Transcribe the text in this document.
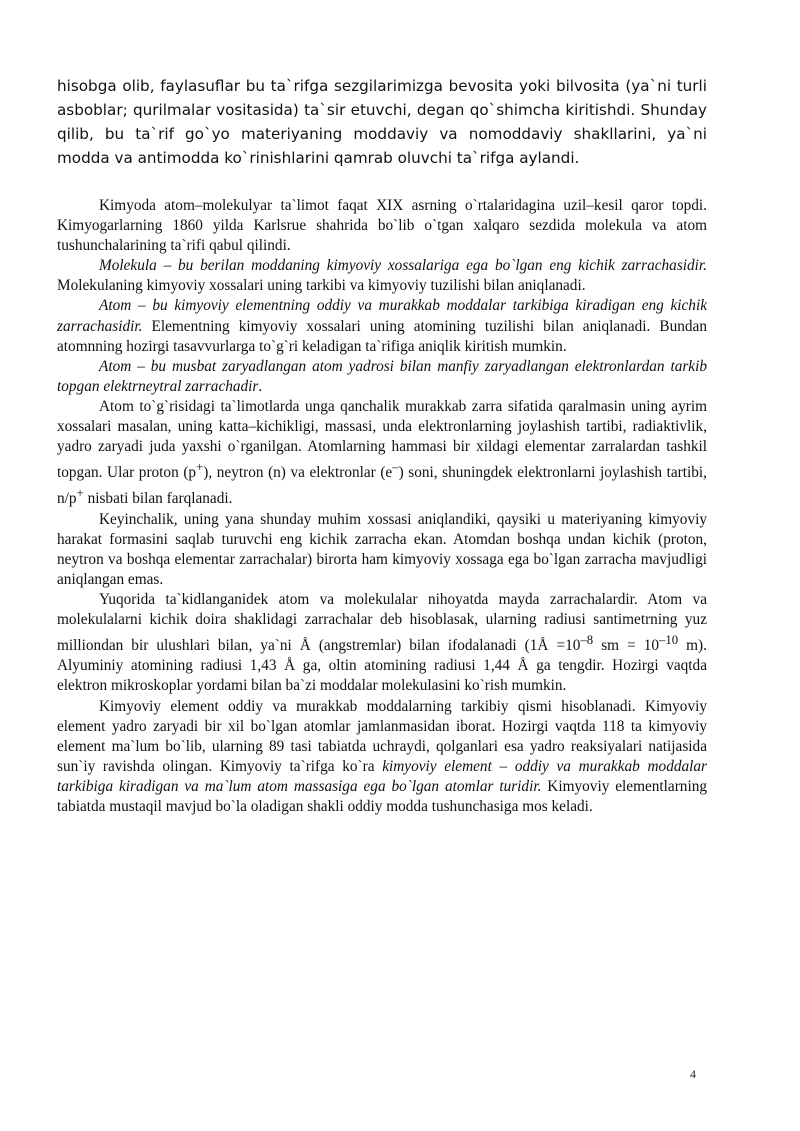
hisobga olib, faylasuflar bu ta`rifga sezgilarimizga bevosita yoki bilvosita (ya`ni turli asboblar; qurilmalar vositasida) ta`sir etuvchi, degan qo`shimcha kiritishdi. Shunday qilib, bu ta`rif go`yo materiyaning moddaviy va nomoddaviy shakllarini, ya`ni modda va antimodda ko`rinishlarini qamrab oluvchi ta`rifga aylandi.

Kimyoda atom–molekulyar ta`limot faqat XIX asrning o`rtalaridagina uzil–kesil qaror topdi. Kimyogarlarning 1860 yilda Karlsrue shahrida bo`lib o`tgan xalqaro sezdida molekula va atom tushunchalarining ta`rifi qabul qilindi.

Molekula – bu berilan moddaning kimyoviy xossalariga ega bo`lgan eng kichik zarrachasidir. Molekulaning kimyoviy xossalari uning tarkibi va kimyoviy tuzilishi bilan aniqlanadi.

Atom – bu kimyoviy elementning oddiy va murakkab moddalar tarkibiga kiradigan eng kichik zarrachasidir. Elementning kimyoviy xossalari uning atomining tuzilishi bilan aniqlanadi. Bundan atomnning hozirgi tasavvurlarga to`g`ri keladigan ta`rifiga aniqlik kiritish mumkin.

Atom – bu musbat zaryadlangan atom yadrosi bilan manfiy zaryadlangan elektronlardan tarkib topgan elektrneytral zarrachadir.

Atom to`g`risidagi ta`limotlarda unga qanchalik murakkab zarra sifatida qaralmasin uning ayrim xossalari masalan, uning katta–kichikligi, massasi, unda elektronlarning joylashish tartibi, radiaktivlik, yadro zaryadi juda yaxshi o`rganilgan. Atomlarning hammasi bir xildagi elementar zarralardan tashkil topgan. Ular proton (p+), neytron (n) va elektronlar (e–) soni, shuningdek elektronlarni joylashish tartibi, n/p+ nisbati bilan farqlanadi.

Keyinchalik, uning yana shunday muhim xossasi aniqlandiki, qaysiki u materiyaning kimyoviy harakat formasini saqlab turuvchi eng kichik zarracha ekan. Atomdan boshqa undan kichik (proton, neytron va boshqa elementar zarrachalar) birorta ham kimyoviy xossaga ega bo`lgan zarracha mavjudligi aniqlangan emas.

Yuqorida ta`kidlanganidek atom va molekulalar nihoyatda mayda zarrachalardir. Atom va molekulalarni kichik doira shaklidagi zarrachalar deb hisoblasak, ularning radiusi santimetrning yuz milliondan bir ulushlari bilan, ya`ni Å (angstremlar) bilan ifodalanadi (1Å $=10^{-8}$ sm = $10^{-10}$ m). Alyuminiy atomining radiusi 1,43 Å ga, oltin atomining radiusi 1,44 Å ga tengdir. Hozirgi vaqtda elektron mikroskoplar yordami bilan ba`zi moddalar molekulasini ko`rish mumkin.

Kimyoviy element oddiy va murakkab moddalarning tarkibiy qismi hisoblanadi. Kimyoviy element yadro zaryadi bir xil bo`lgan atomlar jamlanmasidan iborat. Hozirgi vaqtda 118 ta kimyoviy element ma`lum bo`lib, ularning 89 tasi tabiatda uchraydi, qolganlari esa yadro reaksiyalari natijasida sun`iy ravishda olingan. Kimyoviy ta`rifga ko`ra kimyoviy element – oddiy va murakkab moddalar tarkibiga kiradigan va ma`lum atom massasiga ega bo`lgan atomlar turidir. Kimyoviy elementlarning tabiatda mustaqil mavjud bo`la oladigan shakli oddiy modda tushunchasiga mos keladi.

4
